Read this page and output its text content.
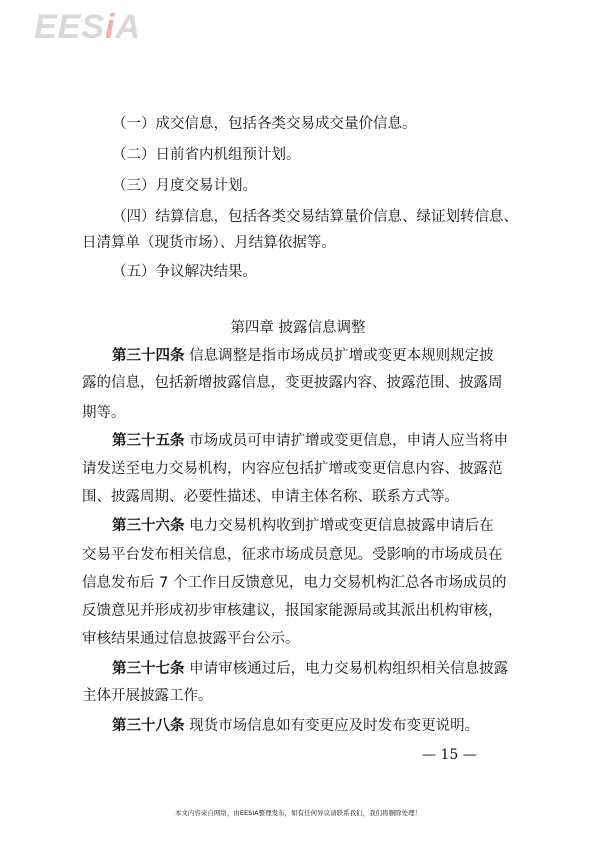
EESiA
（一）成交信息，包括各类交易成交量价信息。
（二）日前省内机组预计划。
（三）月度交易计划。
（四）结算信息，包括各类交易结算量价信息、绿证划转信息、
日清算单（现货市场）、月结算依据等。
（五）争议解决结果。
第四章 披露信息调整
第三十四条 信息调整是指市场成员扩增或变更本规则规定披
露的信息，包括新增披露信息，变更披露内容、披露范围、披露周
期等。
第三十五条 市场成员可申请扩增或变更信息，申请人应当将申
请发送至电力交易机构，内容应包括扩增或变更信息内容、披露范
围、披露周期、必要性描述、申请主体名称、联系方式等。
第三十六条 电力交易机构收到扩增或变更信息披露申请后在
交易平台发布相关信息，征求市场成员意见。受影响的市场成员在
信息发布后 7 个工作日反馈意见，电力交易机构汇总各市场成员的
反馈意见并形成初步审核建议，报国家能源局或其派出机构审核，
审核结果通过信息披露平台公示。
第三十七条 申请审核通过后，电力交易机构组织相关信息披露
主体开展披露工作。
第三十八条 现货市场信息如有变更应及时发布变更说明。
— 15 —
本文内容来自网络，由EESIA整理发布，如有任何异议请联系我们，我们将删除处理！
